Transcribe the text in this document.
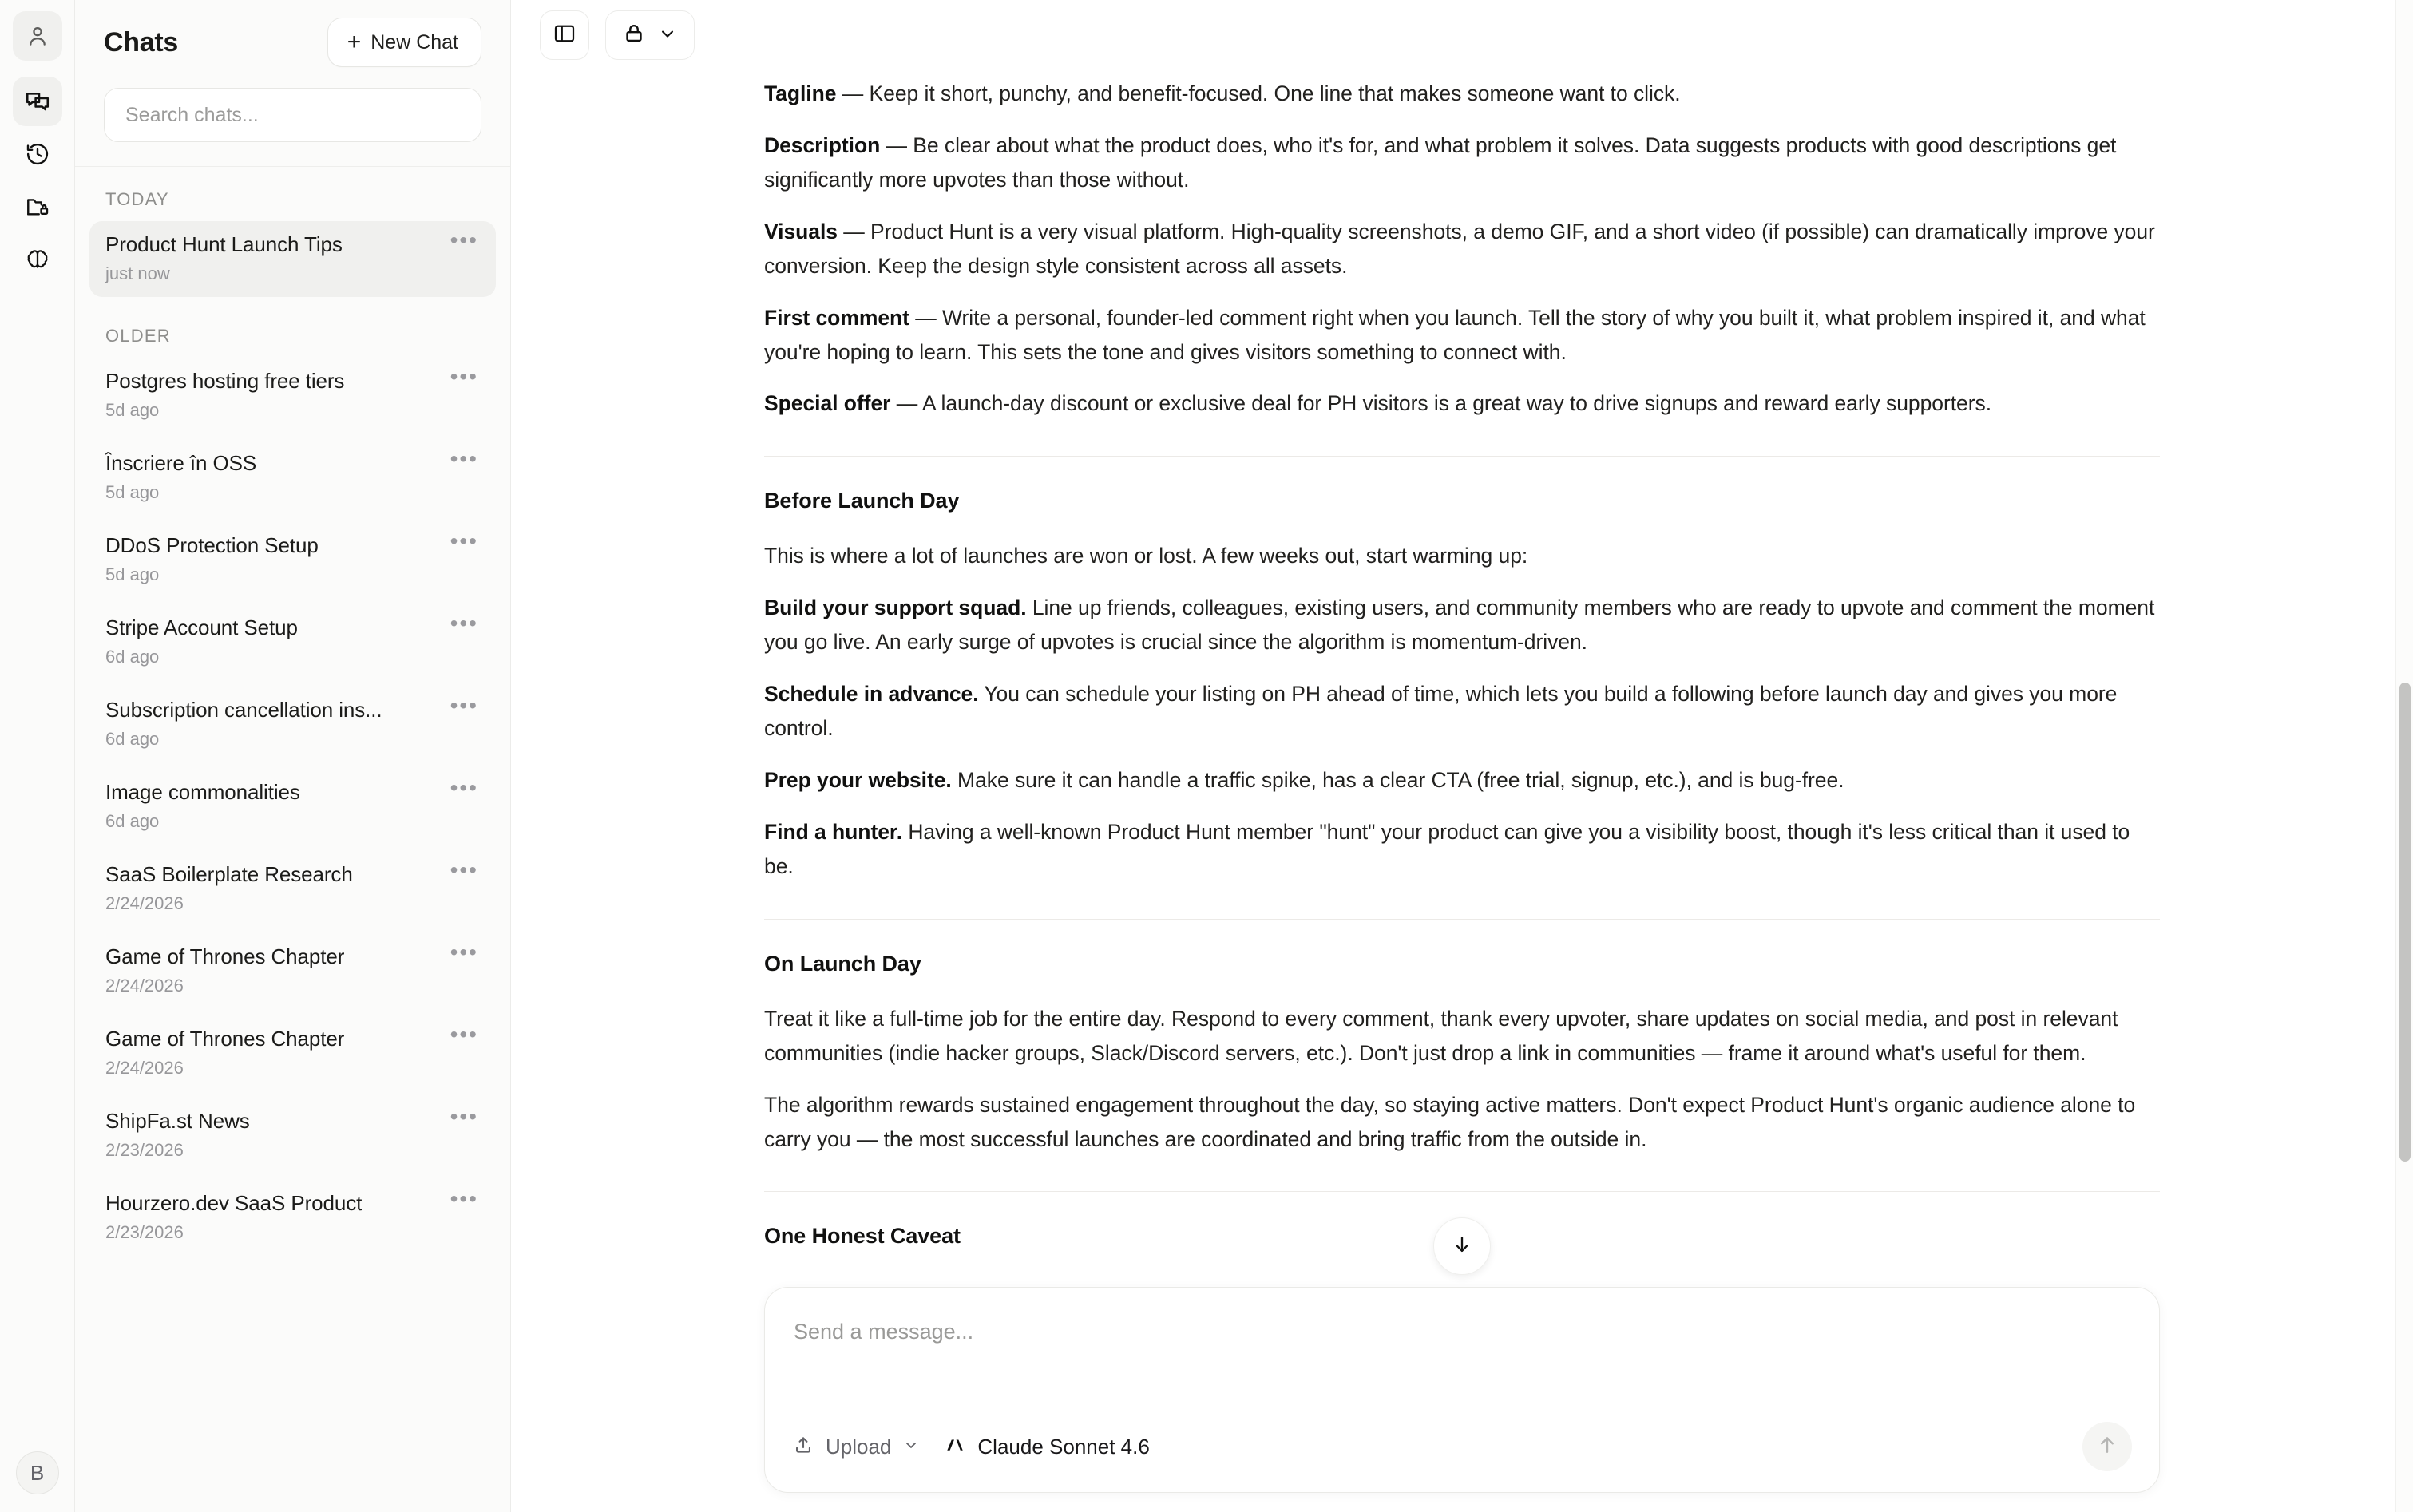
B
Chats	+ New Chat
Search chats...
TODAY
Product Hunt Launch Tips	•••
just now
OLDER
Postgres hosting free tiers	•••
5d ago
Înscriere în OSS	•••
5d ago
DDoS Protection Setup	•••
5d ago
Stripe Account Setup	•••
6d ago
Subscription cancellation ins...	•••
6d ago
Image commonalities	•••
6d ago
SaaS Boilerplate Research	•••
2/24/2026
Game of Thrones Chapter	•••
2/24/2026
Game of Thrones Chapter	•••
2/24/2026
ShipFa.st News	•••
2/23/2026
Hourzero.dev SaaS Product	•••
2/23/2026
Tagline — Keep it short, punchy, and benefit-focused. One line that makes someone want to click.
Description — Be clear about what the product does, who it's for, and what problem it solves. Data suggests products with good descriptions get significantly more upvotes than those without.
Visuals — Product Hunt is a very visual platform. High-quality screenshots, a demo GIF, and a short video (if possible) can dramatically improve your conversion. Keep the design style consistent across all assets.
First comment — Write a personal, founder-led comment right when you launch. Tell the story of why you built it, what problem inspired it, and what you're hoping to learn. This sets the tone and gives visitors something to connect with.
Special offer — A launch-day discount or exclusive deal for PH visitors is a great way to drive signups and reward early supporters.
Before Launch Day
This is where a lot of launches are won or lost. A few weeks out, start warming up:
Build your support squad. Line up friends, colleagues, existing users, and community members who are ready to upvote and comment the moment you go live. An early surge of upvotes is crucial since the algorithm is momentum-driven.
Schedule in advance. You can schedule your listing on PH ahead of time, which lets you build a following before launch day and gives you more control.
Prep your website. Make sure it can handle a traffic spike, has a clear CTA (free trial, signup, etc.), and is bug-free.
Find a hunter. Having a well-known Product Hunt member "hunt" your product can give you a visibility boost, though it's less critical than it used to be.
On Launch Day
Treat it like a full-time job for the entire day. Respond to every comment, thank every upvoter, share updates on social media, and post in relevant communities (indie hacker groups, Slack/Discord servers, etc.). Don't just drop a link in communities — frame it around what's useful for them.
The algorithm rewards sustained engagement throughout the day, so staying active matters. Don't expect Product Hunt's organic audience alone to carry you — the most successful launches are coordinated and bring traffic from the outside in.
One Honest Caveat
Send a message...
Upload	Claude Sonnet 4.6
